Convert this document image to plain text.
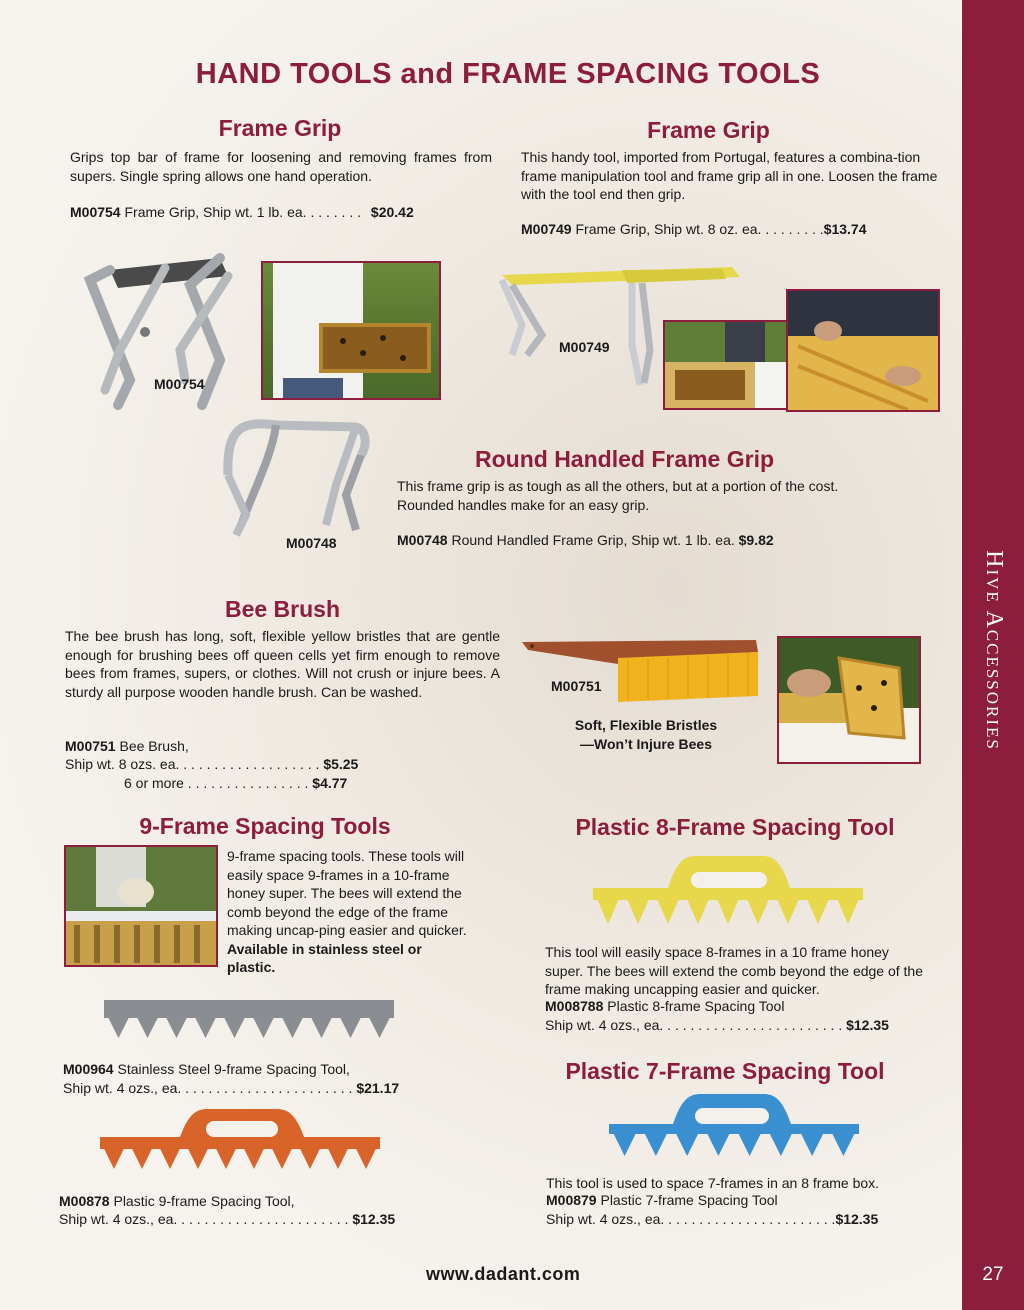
Hive Accessories
27
HAND TOOLS and FRAME SPACING TOOLS
Frame Grip
Grips top bar of frame for loosening and removing frames from supers. Single spring allows one hand operation.
M00754 Frame Grip, Ship wt. 1 lb. ea. . . . . . . . $20.42
M00754
Frame Grip
This handy tool, imported from Portugal, features a combina-tion frame manipulation tool and frame grip all in one. Loosen the frame with the tool end then grip.
M00749 Frame Grip, Ship wt. 8 oz. ea. . . . . . . . .$13.74
M00749
M00748
Round Handled Frame Grip
This frame grip is as tough as all the others, but at a portion of the cost. Rounded handles make for an easy grip.
M00748 Round Handled Frame Grip, Ship wt. 1 lb. ea. $9.82
Bee Brush
The bee brush has long, soft, flexible yellow bristles that are gentle enough for brushing bees off queen cells yet firm enough to remove bees from frames, supers, or clothes. Will not crush or injure bees. A sturdy all purpose wooden handle brush. Can be washed.
M00751 Bee Brush,
Ship wt. 8 ozs. ea. . . . . . . . . . . . . . . . . . . $5.25
6 or more . . . . . . . . . . . . . . . . $4.77
M00751
Soft, Flexible Bristles
—Won’t Injure Bees
9-Frame Spacing Tools
9-frame spacing tools. These tools will easily space 9-frames in a 10-frame honey super. The bees will extend the comb beyond the edge of the frame making uncap-ping easier and quicker. Available in stainless steel or plastic.
M00964 Stainless Steel 9-frame Spacing Tool,
Ship wt. 4 ozs., ea. . . . . . . . . . . . . . . . . . . . . . . $21.17
M00878 Plastic 9-frame Spacing Tool,
Ship wt. 4 ozs., ea. . . . . . . . . . . . . . . . . . . . . . . $12.35
Plastic 8-Frame Spacing Tool
This tool will easily space 8-frames in a 10 frame honey super. The bees will extend the comb beyond the edge of the frame making uncapping easier and quicker.
M008788 Plastic 8-frame Spacing Tool
Ship wt. 4 ozs., ea. . . . . . . . . . . . . . . . . . . . . . . . $12.35
Plastic 7-Frame Spacing Tool
This tool is used to space 7-frames in an 8 frame box.
M00879 Plastic 7-frame Spacing Tool
Ship wt. 4 ozs., ea. . . . . . . . . . . . . . . . . . . . . . .$12.35
www.dadant.com
